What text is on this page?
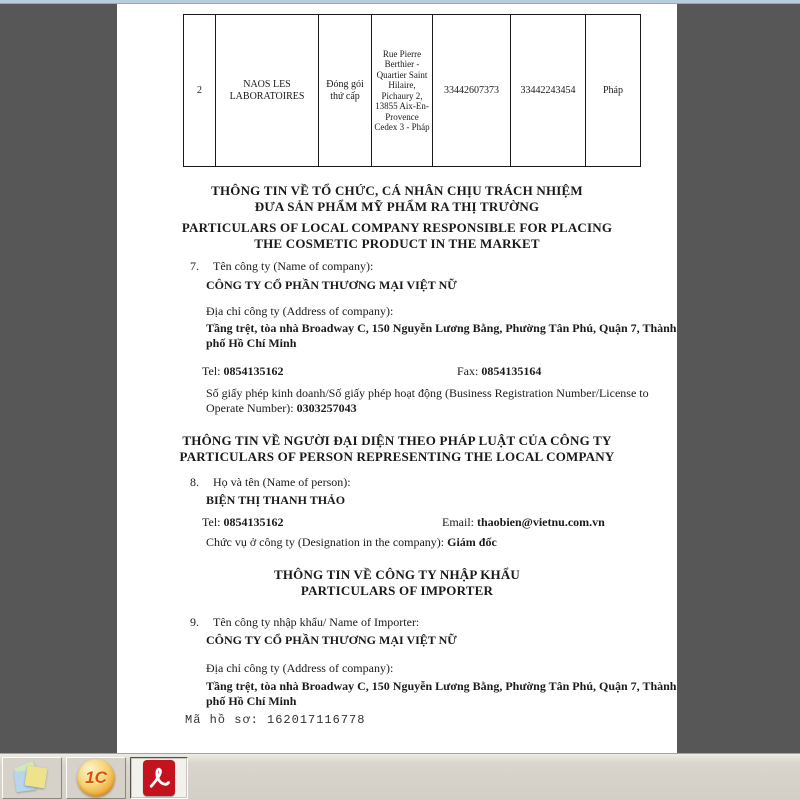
2	NAOS LES LABORATOIRES	Đóng gói thứ cấp	Rue Pierre Berthier - Quartier Saint Hilaire, Pichaury 2, 13855 Aix-En-Provence Cedex 3 - Pháp	33442607373	33442243454	Pháp
THÔNG TIN VỀ TỔ CHỨC, CÁ NHÂN CHỊU TRÁCH NHIỆM
ĐƯA SẢN PHẨM MỸ PHẨM RA THỊ TRƯỜNG
PARTICULARS OF LOCAL COMPANY RESPONSIBLE FOR PLACING
THE COSMETIC PRODUCT IN THE MARKET
7. Tên công ty (Name of company):
CÔNG TY CỔ PHẦN THƯƠNG MẠI VIỆT NỮ
Địa chỉ công ty (Address of company):
Tầng trệt, tòa nhà Broadway C, 150 Nguyễn Lương Bằng, Phường Tân Phú, Quận 7, Thành phố Hồ Chí Minh
Tel: 0854135162	Fax: 0854135164
Số giấy phép kinh doanh/Số giấy phép hoạt động (Business Registration Number/License to Operate Number): 0303257043
THÔNG TIN VỀ NGƯỜI ĐẠI DIỆN THEO PHÁP LUẬT CỦA CÔNG TY
PARTICULARS OF PERSON REPRESENTING THE LOCAL COMPANY
8. Họ và tên (Name of person):
BIỆN THỊ THANH THẢO
Tel: 0854135162	Email: thaobien@vietnu.com.vn
Chức vụ ở công ty (Designation in the company): Giám đốc
THÔNG TIN VỀ CÔNG TY NHẬP KHẨU
PARTICULARS OF IMPORTER
9. Tên công ty nhập khẩu/ Name of Importer:
CÔNG TY CỔ PHẦN THƯƠNG MẠI VIỆT NỮ
Địa chỉ công ty (Address of company):
Tầng trệt, tòa nhà Broadway C, 150 Nguyễn Lương Bằng, Phường Tân Phú, Quận 7, Thành phố Hồ Chí Minh
Mã hồ sơ: 162017116778
1C
